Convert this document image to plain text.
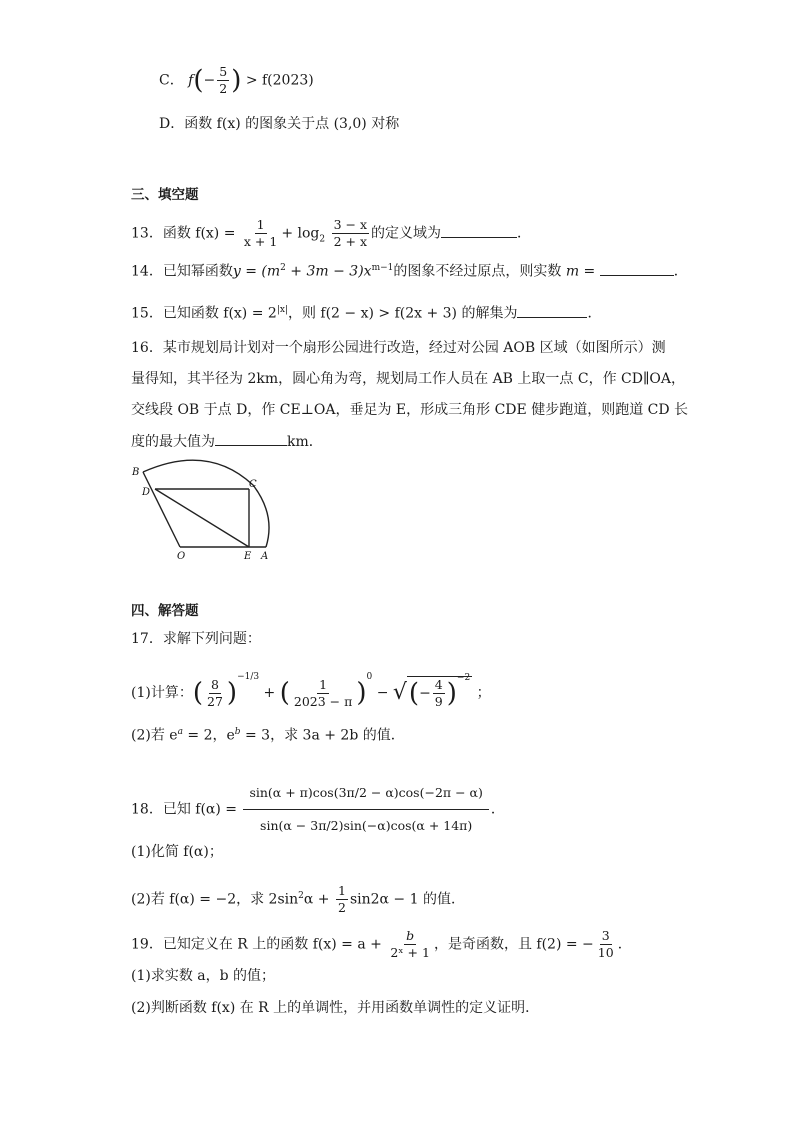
C． $f(- \frac{5}{2}$ ) > f(2023)
D．函数 f(x) 的图象关于点 (3,0) 对称
三、填空题
13．函数 $f(x) = \frac{1}{x + 1} + \log_2 \frac{3 - x}{2 + x}$ 的定义域为	．
14．已知幂函数$y = (m^2 + 3m - 3)x^{m-1}$的图象不经过原点，则实数 m =	．
15．已知函数 $f(x) = 2^{|x|}$，则 f(2 − x) > f(2x + 3) 的解集为	．
16．某市规划局计划对一个扇形公园进行改造，经过对公园 AOB 区域（如图所示）测
量得知，其半径为 2km，圆心角为弯，规划局工作人员在 AB 上取一点 C，作 CD∥OA，
交线段 OB 于点 D，作 CE⊥OA，垂足为 E，形成三角形 CDE 健步跑道，则跑道 CD 长
度的最大值为	km．
B
D
C
O	E A
四、解答题
17．求解下列问题：
(1)计算：( $\frac{8}{27} )^{-1/3}$ + ( $\frac{1}{2023 - \pi} )^0$ − √(− $\frac{4}{9} )^{-2}$ ；
(2)若 $e^a = 2$，$e^b = 3$，求 3a + 2b 的值．
18．已知 $f(\alpha) = \frac{\sin(\alpha + \pi)\cos(3\pi/2 - \alpha)\cos(-2\pi - \alpha)}{\sin(\alpha - 3\pi/2)\sin(-\alpha)\cos(\alpha + 14\pi)}$ ．
(1)化简 f(α)；
(2)若 f(α) = −2，求 $2\sin^2\alpha + \frac{1}{2} \sin 2\alpha - 1$ 的值．
19．已知定义在 R 上的函数 $f(x) = a + \frac{b}{\text{2ˣ + 1}}$ ，是奇函数，且 f(2) = − $\frac{3}{10}$ ．
(1)求实数 a，b 的值；
(2)判断函数 f(x) 在 R 上的单调性，并用函数单调性的定义证明．
